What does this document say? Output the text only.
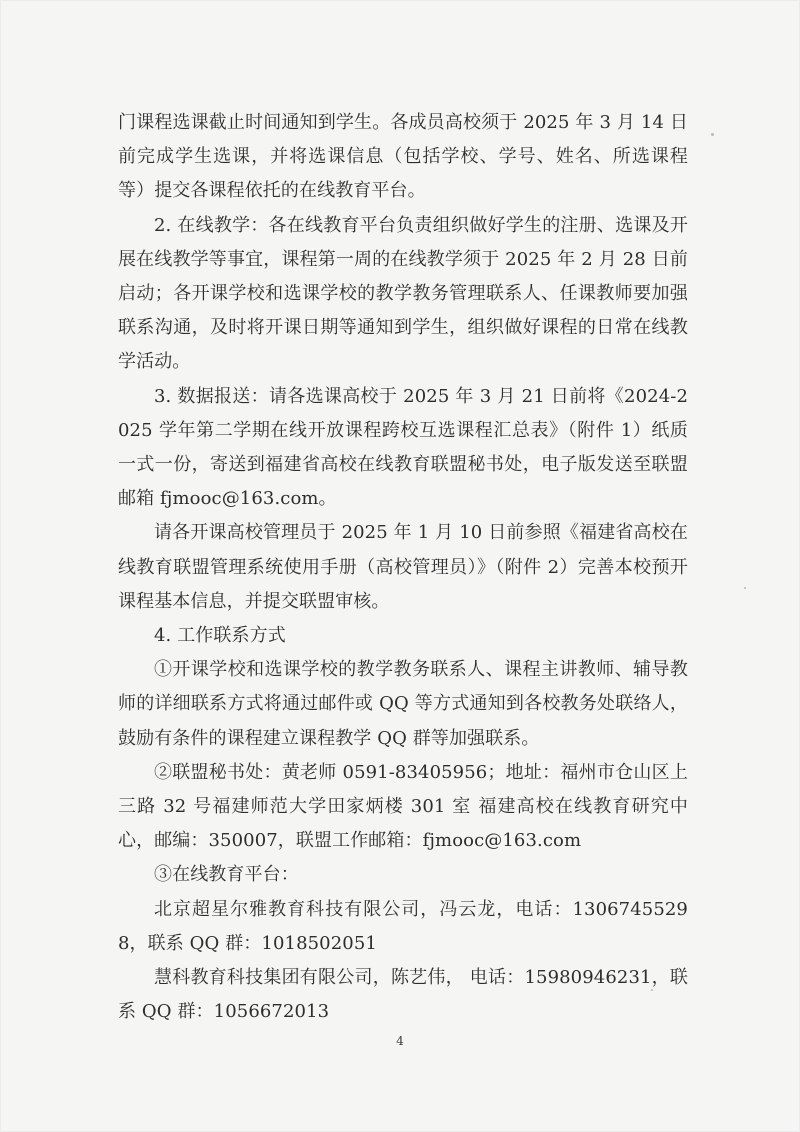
门课程选课截止时间通知到学生。各成员高校须于 2025 年 3 月 14 日前完成学生选课，并将选课信息（包括学校、学号、姓名、所选课程等）提交各课程依托的在线教育平台。

2. 在线教学：各在线教育平台负责组织做好学生的注册、选课及开展在线教学等事宜，课程第一周的在线教学须于 2025 年 2 月 28 日前启动；各开课学校和选课学校的教学教务管理联系人、任课教师要加强联系沟通，及时将开课日期等通知到学生，组织做好课程的日常在线教学活动。

3. 数据报送：请各选课高校于 2025 年 3 月 21 日前将《2024-2025 学年第二学期在线开放课程跨校互选课程汇总表》（附件 1）纸质一式一份，寄送到福建省高校在线教育联盟秘书处，电子版发送至联盟邮箱 fjmooc@163.com。

请各开课高校管理员于 2025 年 1 月 10 日前参照《福建省高校在线教育联盟管理系统使用手册（高校管理员）》（附件 2）完善本校预开课程基本信息，并提交联盟审核。

4. 工作联系方式

①开课学校和选课学校的教学教务联系人、课程主讲教师、辅导教师的详细联系方式将通过邮件或 QQ 等方式通知到各校教务处联络人，鼓励有条件的课程建立课程教学 QQ 群等加强联系。

②联盟秘书处：黄老师 0591-83405956；地址：福州市仓山区上三路 32 号福建师范大学田家炳楼 301 室 福建高校在线教育研究中心，邮编：350007，联盟工作邮箱：fjmooc@163.com

③在线教育平台：

北京超星尔雅教育科技有限公司，冯云龙，电话：13067455298，联系 QQ 群：1018502051

慧科教育科技集团有限公司，陈艺伟， 电话：15980946231，联系 QQ 群：1056672013

4
